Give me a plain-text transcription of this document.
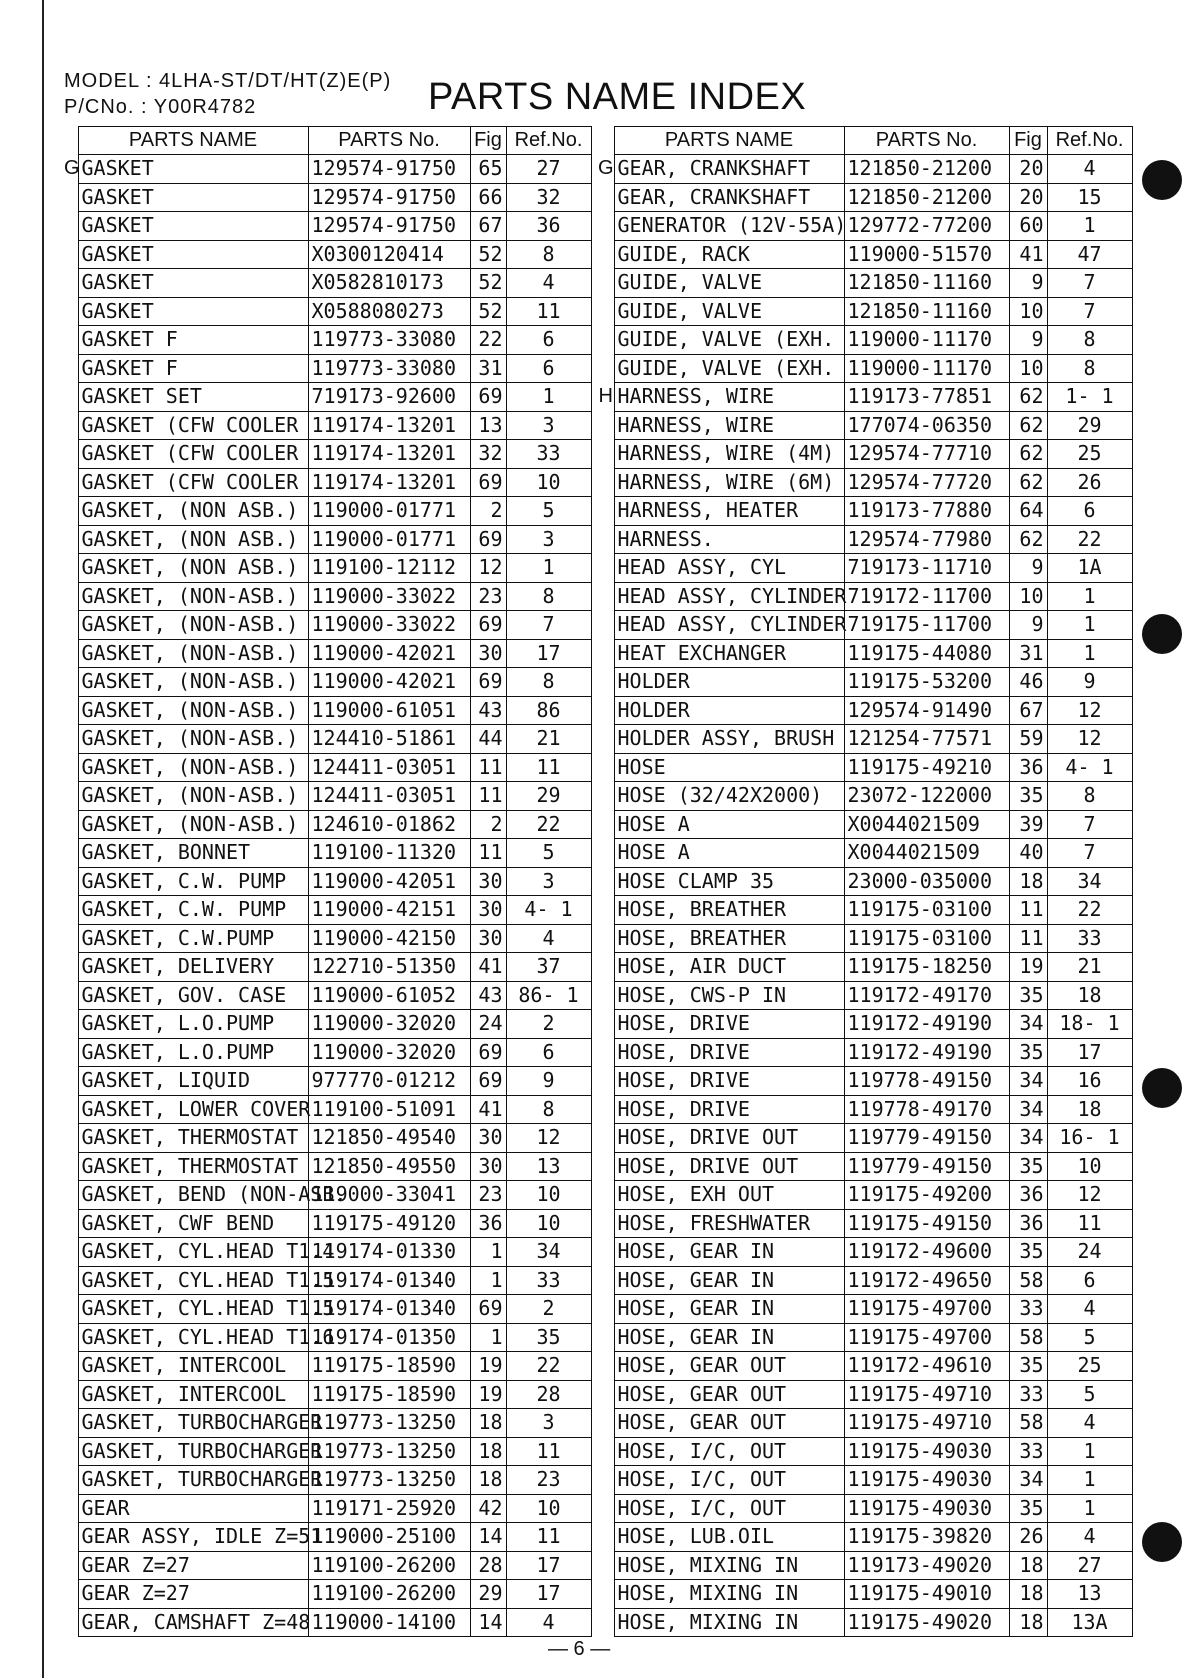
MODEL : 4LHA-ST/DT/HT(Z)E(P)
P/CNo. : Y00R4782	PARTS NAME INDEX
	PARTS NAME	PARTS No.	Fig	Ref.No.
G	GASKET	129574-91750	65	27
	GASKET	129574-91750	66	32
	GASKET	129574-91750	67	36
	GASKET	X0300120414	52	8
	GASKET	X0582810173	52	4
	GASKET	X0588080273	52	11
	GASKET F	119773-33080	22	6
	GASKET F	119773-33080	31	6
	GASKET SET	719173-92600	69	1
	GASKET (CFW COOLER	119174-13201	13	3
	GASKET (CFW COOLER	119174-13201	32	33
	GASKET (CFW COOLER	119174-13201	69	10
	GASKET, (NON ASB.)	119000-01771	2	5
	GASKET, (NON ASB.)	119000-01771	69	3
	GASKET, (NON ASB.)	119100-12112	12	1
	GASKET, (NON-ASB.)	119000-33022	23	8
	GASKET, (NON-ASB.)	119000-33022	69	7
	GASKET, (NON-ASB.)	119000-42021	30	17
	GASKET, (NON-ASB.)	119000-42021	69	8
	GASKET, (NON-ASB.)	119000-61051	43	86
	GASKET, (NON-ASB.)	124410-51861	44	21
	GASKET, (NON-ASB.)	124411-03051	11	11
	GASKET, (NON-ASB.)	124411-03051	11	29
	GASKET, (NON-ASB.)	124610-01862	2	22
	GASKET, BONNET	119100-11320	11	5
	GASKET, C.W. PUMP	119000-42051	30	3
	GASKET, C.W. PUMP	119000-42151	30	4- 1
	GASKET, C.W.PUMP	119000-42150	30	4
	GASKET, DELIVERY	122710-51350	41	37
	GASKET, GOV. CASE	119000-61052	43	86- 1
	GASKET, L.O.PUMP	119000-32020	24	2
	GASKET, L.O.PUMP	119000-32020	69	6
	GASKET, LIQUID	977770-01212	69	9
	GASKET, LOWER COVER	119100-51091	41	8
	GASKET, THERMOSTAT	121850-49540	30	12
	GASKET, THERMOSTAT	121850-49550	30	13
	GASKET, BEND (NON-ASB.	119000-33041	23	10
	GASKET, CWF BEND	119175-49120	36	10
	GASKET, CYL.HEAD T1.4	119174-01330	1	34
	GASKET, CYL.HEAD T1.5	119174-01340	1	33
	GASKET, CYL.HEAD T1.5	119174-01340	69	2
	GASKET, CYL.HEAD T1.6	119174-01350	1	35
	GASKET, INTERCOOL	119175-18590	19	22
	GASKET, INTERCOOL	119175-18590	19	28
	GASKET, TURBOCHARGER	119773-13250	18	3
	GASKET, TURBOCHARGER	119773-13250	18	11
	GASKET, TURBOCHARGER	119773-13250	18	23
	GEAR	119171-25920	42	10
	GEAR ASSY, IDLE Z=51	119000-25100	14	11
	GEAR Z=27	119100-26200	28	17
	GEAR Z=27	119100-26200	29	17
	GEAR, CAMSHAFT Z=48	119000-14100	14	4
	PARTS NAME	PARTS No.	Fig	Ref.No.
G	GEAR, CRANKSHAFT	121850-21200	20	4
	GEAR, CRANKSHAFT	121850-21200	20	15
	GENERATOR (12V-55A)	129772-77200	60	1
	GUIDE, RACK	119000-51570	41	47
	GUIDE, VALVE	121850-11160	9	7
	GUIDE, VALVE	121850-11160	10	7
	GUIDE, VALVE (EXH.	119000-11170	9	8
	GUIDE, VALVE (EXH.	119000-11170	10	8
H	HARNESS, WIRE	119173-77851	62	1- 1
	HARNESS, WIRE	177074-06350	62	29
	HARNESS, WIRE (4M)	129574-77710	62	25
	HARNESS, WIRE (6M)	129574-77720	62	26
	HARNESS, HEATER	119173-77880	64	6
	HARNESS.	129574-77980	62	22
	HEAD ASSY, CYL	719173-11710	9	1A
	HEAD ASSY, CYLINDER	719172-11700	10	1
	HEAD ASSY, CYLINDER	719175-11700	9	1
	HEAT EXCHANGER	119175-44080	31	1
	HOLDER	119175-53200	46	9
	HOLDER	129574-91490	67	12
	HOLDER ASSY, BRUSH	121254-77571	59	12
	HOSE	119175-49210	36	4- 1
	HOSE (32/42X2000)	23072-122000	35	8
	HOSE A	X0044021509	39	7
	HOSE A	X0044021509	40	7
	HOSE CLAMP 35	23000-035000	18	34
	HOSE, BREATHER	119175-03100	11	22
	HOSE, BREATHER	119175-03100	11	33
	HOSE, AIR DUCT	119175-18250	19	21
	HOSE, CWS-P IN	119172-49170	35	18
	HOSE, DRIVE	119172-49190	34	18- 1
	HOSE, DRIVE	119172-49190	35	17
	HOSE, DRIVE	119778-49150	34	16
	HOSE, DRIVE	119778-49170	34	18
	HOSE, DRIVE OUT	119779-49150	34	16- 1
	HOSE, DRIVE OUT	119779-49150	35	10
	HOSE, EXH OUT	119175-49200	36	12
	HOSE, FRESHWATER	119175-49150	36	11
	HOSE, GEAR IN	119172-49600	35	24
	HOSE, GEAR IN	119172-49650	58	6
	HOSE, GEAR IN	119175-49700	33	4
	HOSE, GEAR IN	119175-49700	58	5
	HOSE, GEAR OUT	119172-49610	35	25
	HOSE, GEAR OUT	119175-49710	33	5
	HOSE, GEAR OUT	119175-49710	58	4
	HOSE, I/C, OUT	119175-49030	33	1
	HOSE, I/C, OUT	119175-49030	34	1
	HOSE, I/C, OUT	119175-49030	35	1
	HOSE, LUB.OIL	119175-39820	26	4
	HOSE, MIXING IN	119173-49020	18	27
	HOSE, MIXING IN	119175-49010	18	13
	HOSE, MIXING IN	119175-49020	18	13A
— 6 —
